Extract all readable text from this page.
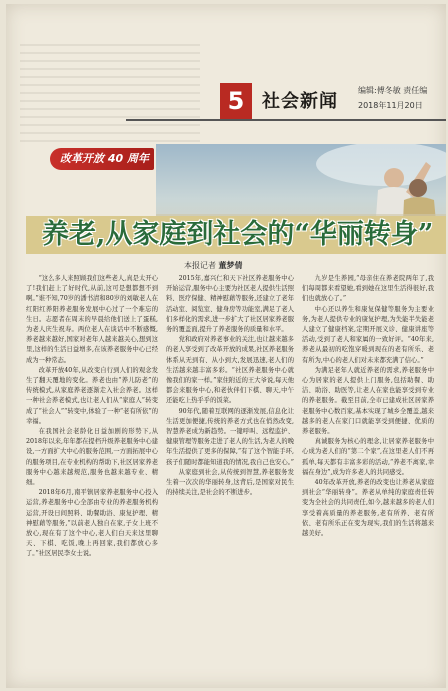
5 社会新闻
编辑:傅冬敏 责任编
2018年11月20日
改革开放 40 周年
养老,从家庭到社会的“华丽转身”
本报记者 董梦倩

“这么多人来照顾我们这些老人,真是太开心了!我们赶上了好时代,从前,这可是想都想不到啊。”谁不知,70岁的潘书清和80岁的刘敏老人在红阳红养阳养老服务发展中心过了一个难忘的生日。志愿者在周末的早晨给他们送上了蛋糕,为老人庆生祝寿。两位老人在谈话中不断感慨,养老越来越好,国家对老年人越来越关心,想到这里,这样的生活日益增多,在该养老服务中心已经成为一种常态。

改革开放40年,从改变自行到人们的观念发生了翻天覆地的变化。养老也由“养儿防老”的传统模式,从家庭养老逐渐走入社会养老。这样一种社会养老模式,也让老人们从“家庭人”转变成了“社会人”“转变中,体验了一种“老有所依”的幸福。

在我国社会老龄化日益加剧的形势下,从2018年以来,年年都在提档升级养老服务中心建设,一方面扩大中心的服务范围,一方面拓展中心的服务项目,在专业机构的帮助下,社区居家养老服务中心越来越规范,服务也越来越专业、精细。

2018年6月,南平镇居家养老服务中心投入运营,养老服务中心全部由专业的养老服务机构运营,开设日间照料、助餐助浴、康复护理、精神慰藉等服务,“以前老人独自在家,子女上班不放心,现在有了这个中心,老人们白天来这里聊天、下棋、吃饭,晚上再回家,我们都放心多了。”社区居民李女士说。

2015年,嘉兴仁和天下社区养老服务中心开始运营,服务中心主要为社区老人提供生活照料、医疗保健、精神慰藉等服务,还建立了老年活动室、阅览室、健身房等功能室,满足了老人们多样化的需求,进一步扩大了社区居家养老服务的覆盖面,提升了养老服务的质量和水平。

党和政府对养老事业的关注,也让越来越多的老人享受到了改革开放的成果,社区养老服务体系从无到有、从小到大,发展迅速,老人们的生活越来越丰富多彩。“社区养老服务中心就像我们的家一样。”家住附近的王大爷说,每天他都会来服务中心,和老伙伴们下棋、聊天,中午还能吃上热乎乎的饭菜。

90年代,随着互联网的逐渐发展,信息化让生活更加便捷,传统的养老方式也在悄然改变,智慧养老成为新趋势。一键呼叫、远程监护、健康管理等服务走进了老人的生活,为老人的晚年生活提供了更多的保障,“有了这个智能手环,孩子们随时都能知道我的情况,我自己也安心。”

从家庭到社会,从传统到智慧,养老服务发生着一次次的华丽转身,这背后,是国家对民生的持续关注,是社会的不断进步。

九岁是生养园,“母亲住在养老院两年了,我们每周都来看望她,看到她在这里生活得很好,我们也就放心了。”

中心还以养生和康复保健等服务为主要业务,为老人提供专业的康复护理,为失能半失能老人建立了健康档案,定期开展义诊、健康讲座等活动,受到了老人和家属的一致好评。“40年来,养老从最初的吃饱穿暖到现在的老有所乐、老有所为,中心的老人们对未来都充满了信心。”

为满足老年人就近养老的需求,养老服务中心为居家的老人提供上门服务,包括助餐、助洁、助浴、助医等,让老人在家也能享受到专业的养老服务。截至目前,全市已建成社区居家养老服务中心数百家,基本实现了城乡全覆盖,越来越多的老人在家门口就能享受到便捷、优质的养老服务。

真诚服务为核心的理念,让居家养老服务中心成为老人们的“第二个家”,在这里老人们不再孤单,每天都有丰富多彩的活动,“养老不离家,幸福在身边”,成为许多老人的共同感受。

40年改革开放,养老的改变也让养老从家庭到社会“华丽转身”。养老从单纯的家庭责任转变为全社会的共同责任,如今,越来越多的老人们享受着高质量的养老服务,老有所养、老有所依、老有所乐正在变为现实,我们的生活将越来越美好。
